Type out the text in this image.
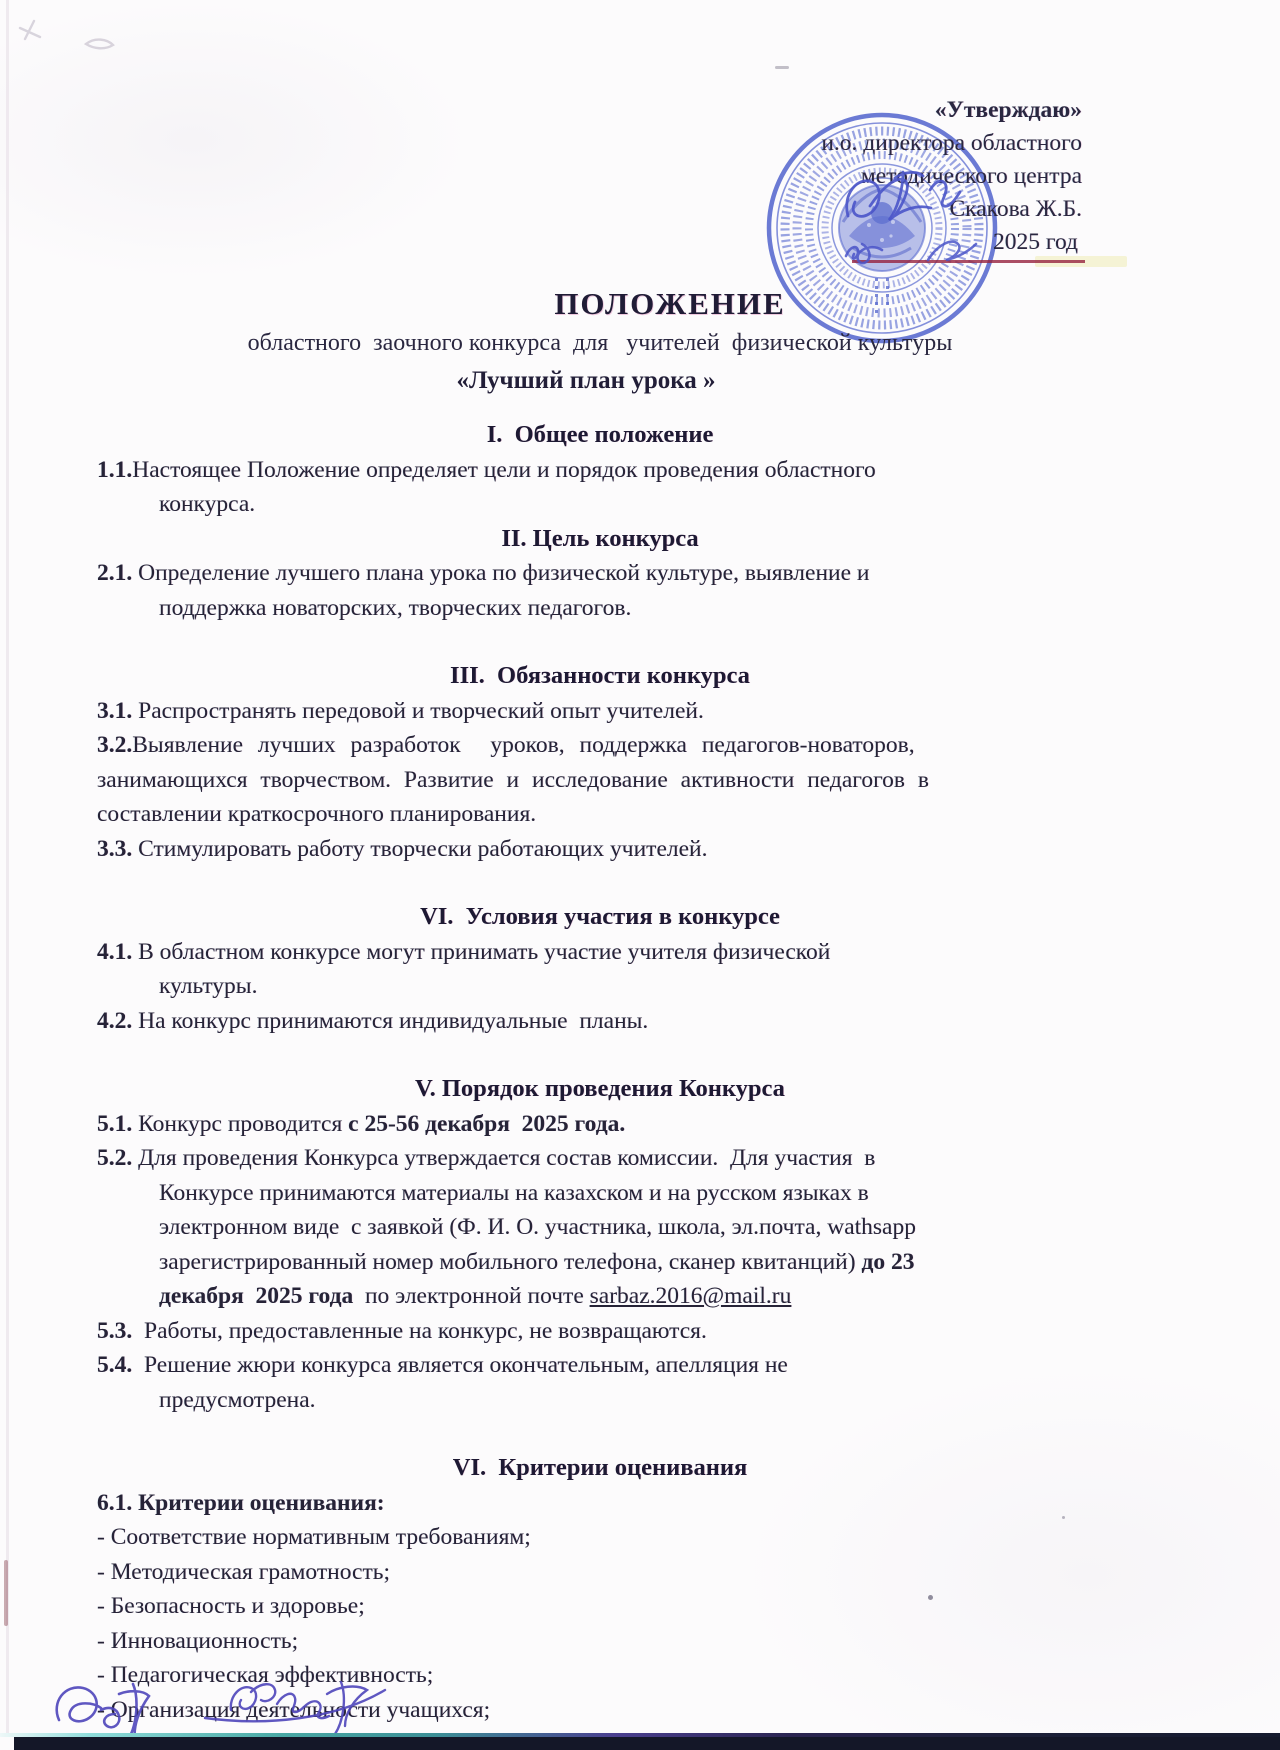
«Утверждаю»
и.о. директора областного
методического центра
Скакова Ж.Б.
2025 год
ПОЛОЖЕНИЕ
областного  заочного конкурса  для   учителей  физической культуры
«Лучший план урока »
I.  Общее положение
1.1.Настоящее Положение определяет цели и порядок проведения областного
конкурса.
II. Цель конкурса
2.1. Определение лучшего плана урока по физической культуре, выявление и
поддержка новаторских, творческих педагогов.
III.  Обязанности конкурса
3.1. Распространять передовой и творческий опыт учителей.
3.2.Выявление лучших разработок  уроков, поддержка педагогов-новаторов,
занимающихся творчеством. Развитие и исследование активности педагогов в
составлении краткосрочного планирования.
3.3. Стимулировать работу творчески работающих учителей.
VI.  Условия участия в конкурсе
4.1. В областном конкурсе могут принимать участие учителя физической
культуры.
4.2. На конкурс принимаются индивидуальные  планы.
V. Порядок проведения Конкурса
5.1. Конкурс проводится с 25-56 декабря  2025 года.
5.2. Для проведения Конкурса утверждается состав комиссии.  Для участия  в
Конкурсе принимаются материалы на казахском и на русском языках в
электронном виде  с заявкой (Ф. И. О. участника, школа, эл.почта, wathsapp
зарегистрированный номер мобильного телефона, сканер квитанций) до 23
декабря  2025 года  по электронной почте sarbaz.2016@mail.ru
5.3.  Работы, предоставленные на конкурс, не возвращаются.
5.4.  Решение жюри конкурса является окончательным, апелляция не
предусмотрена.
VI.  Критерии оценивания
6.1. Критерии оценивания:
- Соответствие нормативным требованиям;
- Методическая грамотность;
- Безопасность и здоровье;
- Инновационность;
- Педагогическая эффективность;
- Организация деятельности учащихся;
